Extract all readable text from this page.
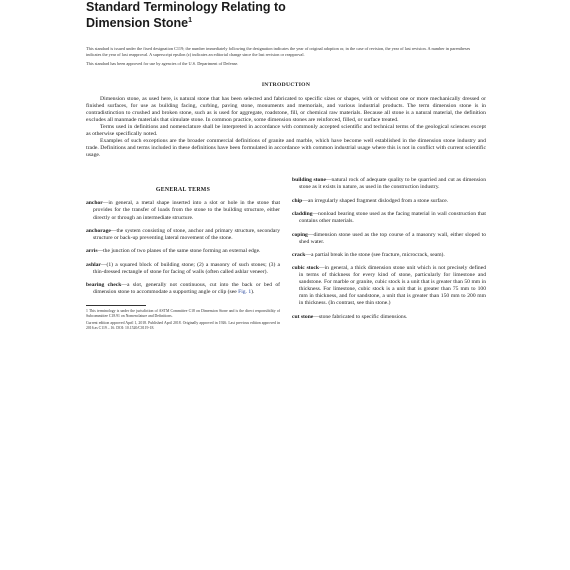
Standard Terminology Relating to
Dimension Stone$^1$

This standard is issued under the fixed designation C119; the number immediately following the designation indicates the year of original adoption or, in the case of revision, the year of last revision. A number in parentheses indicates the year of last reapproval. A superscript epsilon (ε) indicates an editorial change since the last revision or reapproval.

This standard has been approved for use by agencies of the U.S. Department of Defense.

INTRODUCTION

Dimension stone, as used here, is natural stone that has been selected and fabricated to specific sizes or shapes, with or without one or more mechanically dressed or finished surfaces, for use as building facing, curbing, paving stone, monuments and memorials, and various industrial products. The term dimension stone is in contradistinction to crushed and broken stone, such as is used for aggregate, roadstone, fill, or chemical raw materials. Because all stone is a natural material, the definition excludes all manmade materials that simulate stone. In common practice, some dimension stones are reinforced, filled, or surface treated.

Terms used in definitions and nomenclature shall be interpreted in accordance with commonly accepted scientific and technical terms of the geological sciences except as otherwise specifically noted.

Examples of such exceptions are the broader commercial definitions of granite and marble, which have become well established in the dimension stone industry and trade. Definitions and terms included in these definitions have been formulated in accordance with common industrial usage where this is not in conflict with current scientific usage.

GENERAL TERMS
anchor—in general, a metal shape inserted into a slot or hole in the stone that provides for the transfer of loads from the stone to the building structure, either directly or through an intermediate structure.
anchorage—the system consisting of stone, anchor and primary structure, secondary structure or back-up preventing lateral movement of the stone.
arris—the junction of two planes of the same stone forming an external edge.
ashlar—(1) a squared block of building stone; (2) a masonry of such stones; (3) a thin-dressed rectangle of stone for facing of walls (often called ashlar veneer).
bearing check—a slot, generally not continuous, cut into the back or bed of dimension stone to accommodate a supporting angle or clip (see Fig. 1).

1 This terminology is under the jurisdiction of ASTM Committee C18 on Dimension Stone and is the direct responsibility of Subcommittee C18.91 on Nomenclature and Definitions.

Current edition approved April 1, 2018. Published April 2018. Originally approved in 1926. Last previous edition approved in 2016 as C119 – 16. DOI: 10.1520/C0119-18.

building stone—natural rock of adequate quality to be quarried and cut as dimension stone as it exists in nature, as used in the construction industry.
chip—an irregularly shaped fragment dislodged from a stone surface.
cladding—nonload bearing stone used as the facing material in wall construction that contains other materials.
coping—dimension stone used as the top course of a masonry wall, either sloped to shed water.
crack—a partial break in the stone (see fracture, microcrack, seam).
cubic stock—in general, a thick dimension stone unit which is not precisely defined in terms of thickness for every kind of stone, particularly for limestone and sandstone. For marble or granite, cubic stock is a unit that is greater than 50 mm in thickness. For limestone, cubic stock is a unit that is greater than 75 mm to 100 mm in thickness, and for sandstone, a unit that is greater than 150 mm to 200 mm in thickness. (In contrast, see thin stone.)
cut stone—stone fabricated to specific dimensions.
